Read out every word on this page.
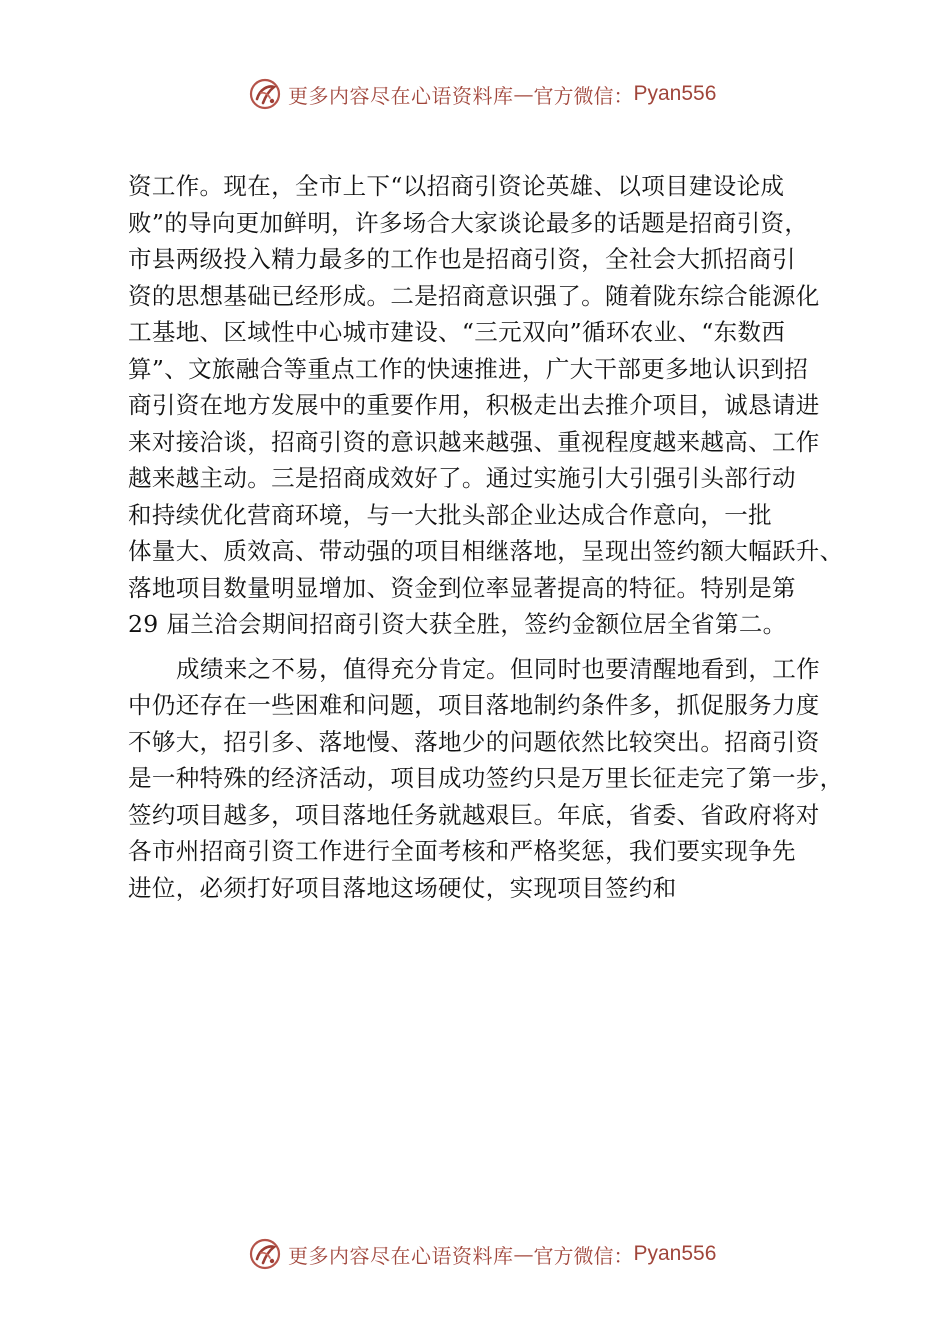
更多内容尽在心语资料库 — 官方微信： Pyan556
资工作。现在，全市上下“以招商引资论英雄、以项目建设论成
败”的导向更加鲜明，许多场合大家谈论最多的话题是招商引资，
市县两级投入精力最多的工作也是招商引资，全社会大抓招商引
资的思想基础已经形成。二是招商意识强了。随着陇东综合能源化
工基地、区域性中心城市建设、“三元双向”循环农业、“东数西
算”、文旅融合等重点工作的快速推进，广大干部更多地认识到招
商引资在地方发展中的重要作用，积极走出去推介项目，诚恳请进
来对接洽谈，招商引资的意识越来越强、重视程度越来越高、工作
越来越主动。三是招商成效好了。通过实施引大引强引头部行动
和持续优化营商环境，与一大批头部企业达成合作意向，一批
体量大、质效高、带动强的项目相继落地，呈现出签约额大幅跃升、
落地项目数量明显增加、资金到位率显著提高的特征。特别是第
29 届兰洽会期间招商引资大获全胜，签约金额位居全省第二。
成绩来之不易，值得充分肯定。但同时也要清醒地看到，工作
中仍还存在一些困难和问题，项目落地制约条件多，抓促服务力度
不够大，招引多、落地慢、落地少的问题依然比较突出。招商引资
是一种特殊的经济活动，项目成功签约只是万里长征走完了第一步，
签约项目越多，项目落地任务就越艰巨。年底，省委、省政府将对
各市州招商引资工作进行全面考核和严格奖惩，我们要实现争先
进位，必须打好项目落地这场硬仗，实现项目签约和
更多内容尽在心语资料库 — 官方微信： Pyan556
